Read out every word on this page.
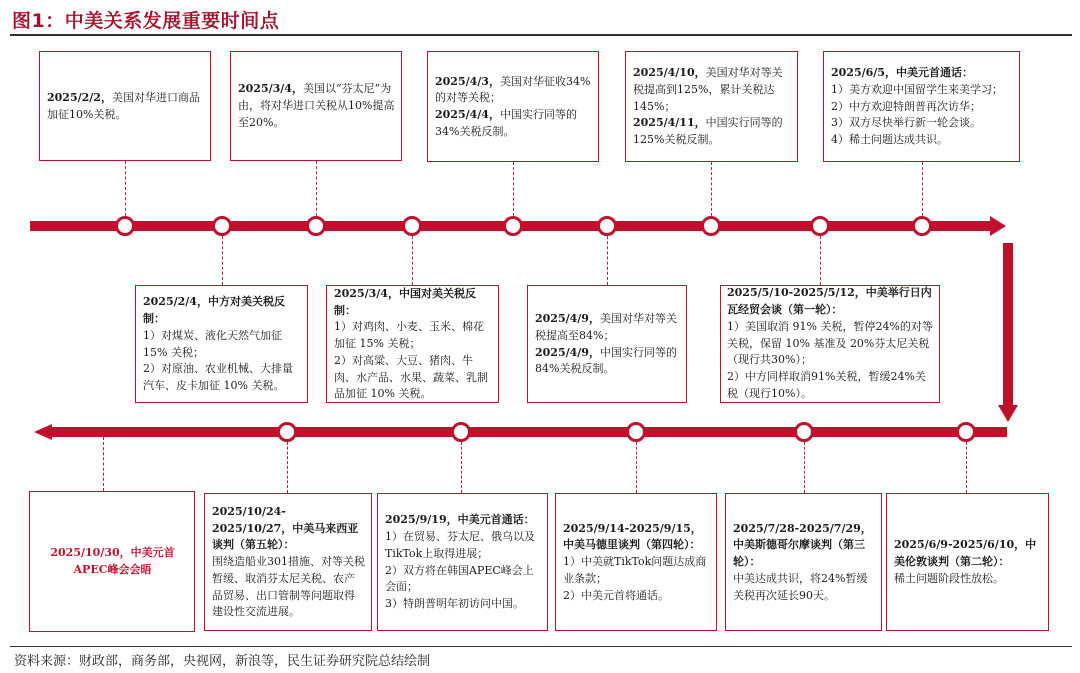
图1：中美关系发展重要时间点

2025/2/2，美国对华进口商品加征10%关税。

2025/3/4，美国以“芬太尼”为由，将对华进口关税从10%提高至20%。

2025/4/3，美国对华征收34%的对等关税；

2025/4/4，中国实行同等的34%关税反制。

2025/4/10，美国对华对等关税提高到125%，累计关税达145%；

2025/4/11，中国实行同等的125%关税反制。

2025/6/5，中美元首通话：

1）美方欢迎中国留学生来美学习；

2）中方欢迎特朗普再次访华；

3）双方尽快举行新一轮会谈。

4）稀土问题达成共识。

2025/2/4，中方对美关税反制：

1）对煤炭、液化天然气加征15% 关税；

2）对原油、农业机械、大排量汽车、皮卡加征 10% 关税。

2025/3/4，中国对美关税反制：

1）对鸡肉、小麦、玉米、棉花加征 15% 关税；

2）对高粱、大豆、猪肉、牛肉、水产品、水果、蔬菜、乳制品加征 10% 关税。

2025/4/9，美国对华对等关税提高至84%；

2025/4/9，中国实行同等的84%关税反制。

2025/5/10-2025/5/12，中美举行日内瓦经贸会谈（第一轮）：

1）美国取消 91% 关税，暂停24%的对等关税，保留 10% 基准及 20%芬太尼关税（现行共30%）；

2）中方同样取消91%关税，暂缓24%关税（现行10%）。

2025/10/30，中美元首APEC峰会会晤

2025/10/24-2025/10/27，中美马来西亚谈判（第五轮）：

围绕造船业301措施、对等关税暂缓、取消芬太尼关税、农产品贸易、出口管制等问题取得建设性交流进展。

2025/9/19，中美元首通话：

1）在贸易、芬太尼、俄乌以及TikTok上取得进展；

2）双方将在韩国APEC峰会上会面；

3）特朗普明年初访问中国。

2025/9/14-2025/9/15，中美马德里谈判（第四轮）：

1）中美就TikTok问题达成商业条款；

2）中美元首将通话。

2025/7/28-2025/7/29，中美斯德哥尔摩谈判（第三轮）：

中美达成共识，将24%暂缓关税再次延长90天。

2025/6/9-2025/6/10，中美伦敦谈判（第二轮）：

稀土问题阶段性放松。

资料来源：财政部，商务部，央视网，新浪等，民生证券研究院总结绘制
